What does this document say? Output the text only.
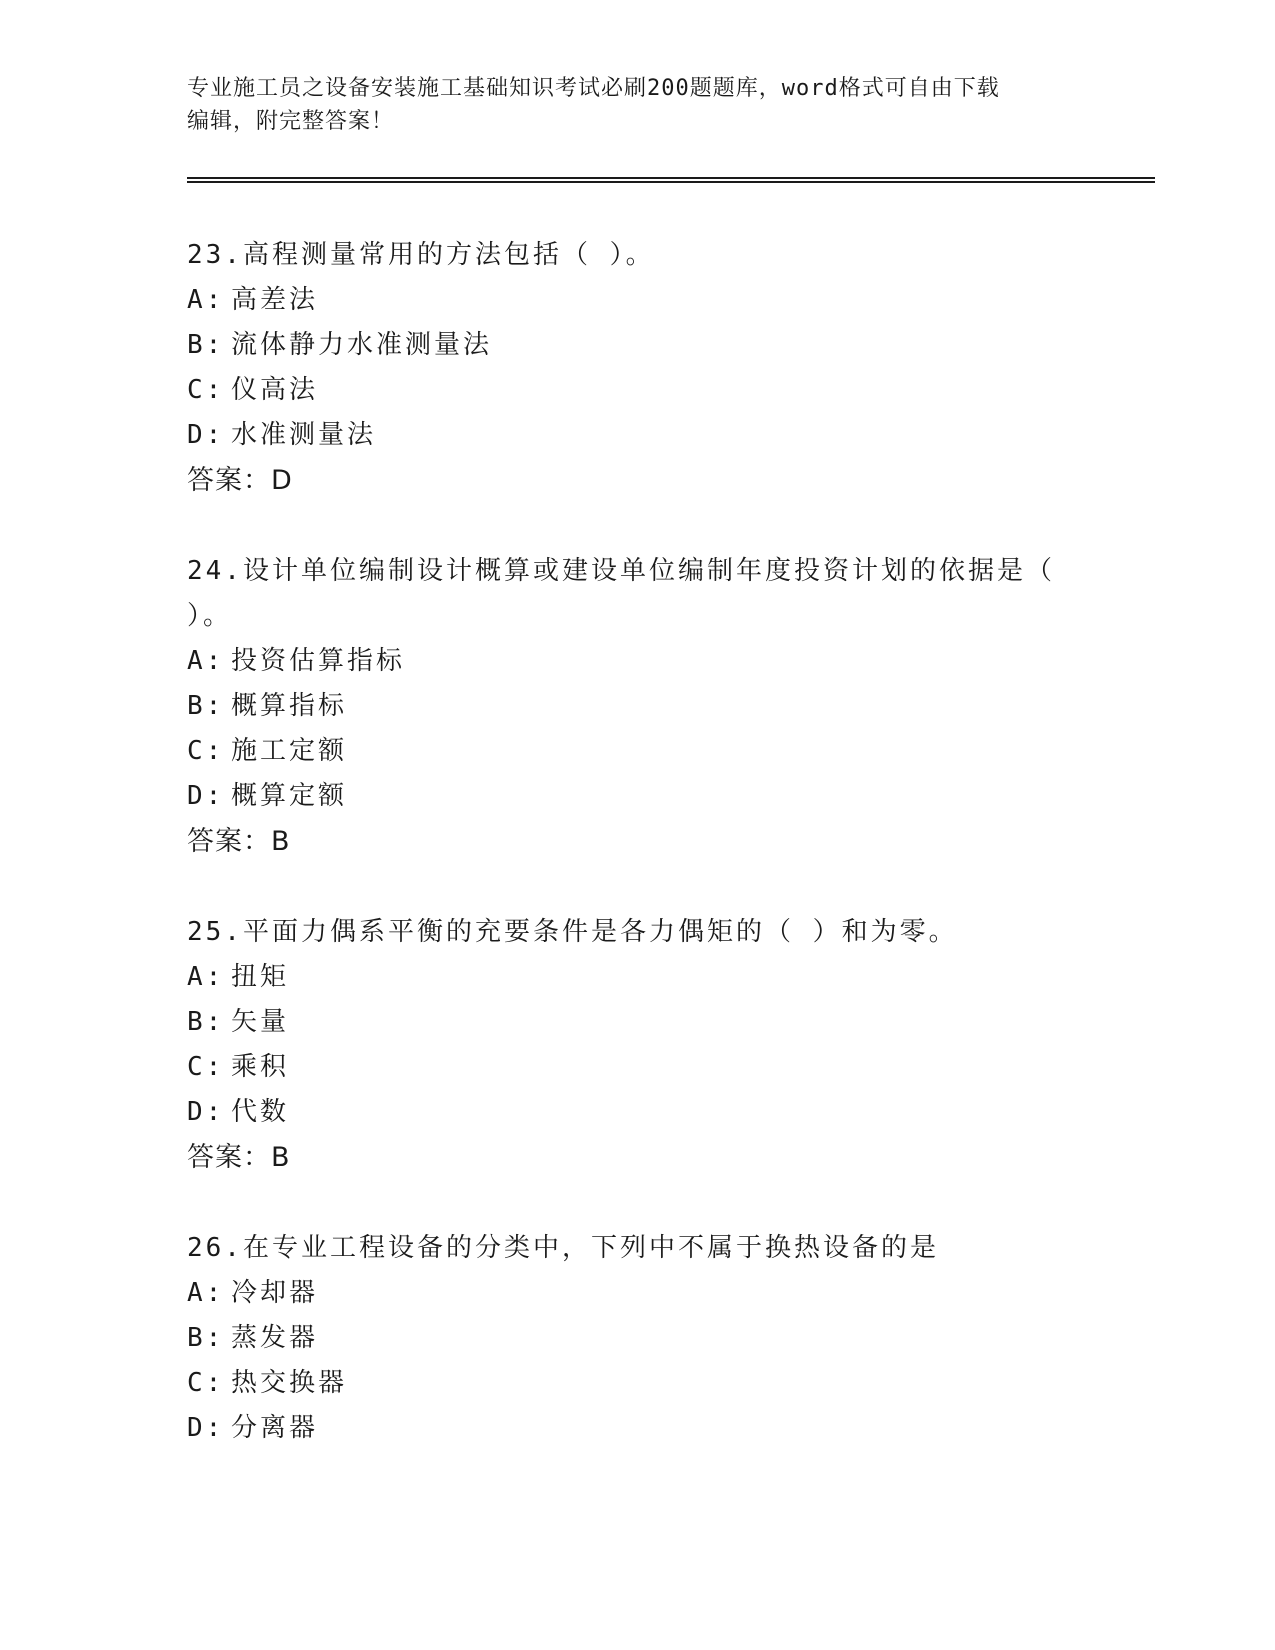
专业施工员之设备安装施工基础知识考试必刷200题题库，word格式可自由下载
编辑，附完整答案！
23.高程测量常用的方法包括（ ）。
A: 高差法
B: 流体静力水准测量法
C: 仪高法
D: 水准测量法
答案：D
24.设计单位编制设计概算或建设单位编制年度投资计划的依据是（ ）。
A: 投资估算指标
B: 概算指标
C: 施工定额
D: 概算定额
答案：B
25.平面力偶系平衡的充要条件是各力偶矩的（ ）和为零。
A: 扭矩
B: 矢量
C: 乘积
D: 代数
答案：B
26.在专业工程设备的分类中，下列中不属于换热设备的是
A: 冷却器
B: 蒸发器
C: 热交换器
D: 分离器
